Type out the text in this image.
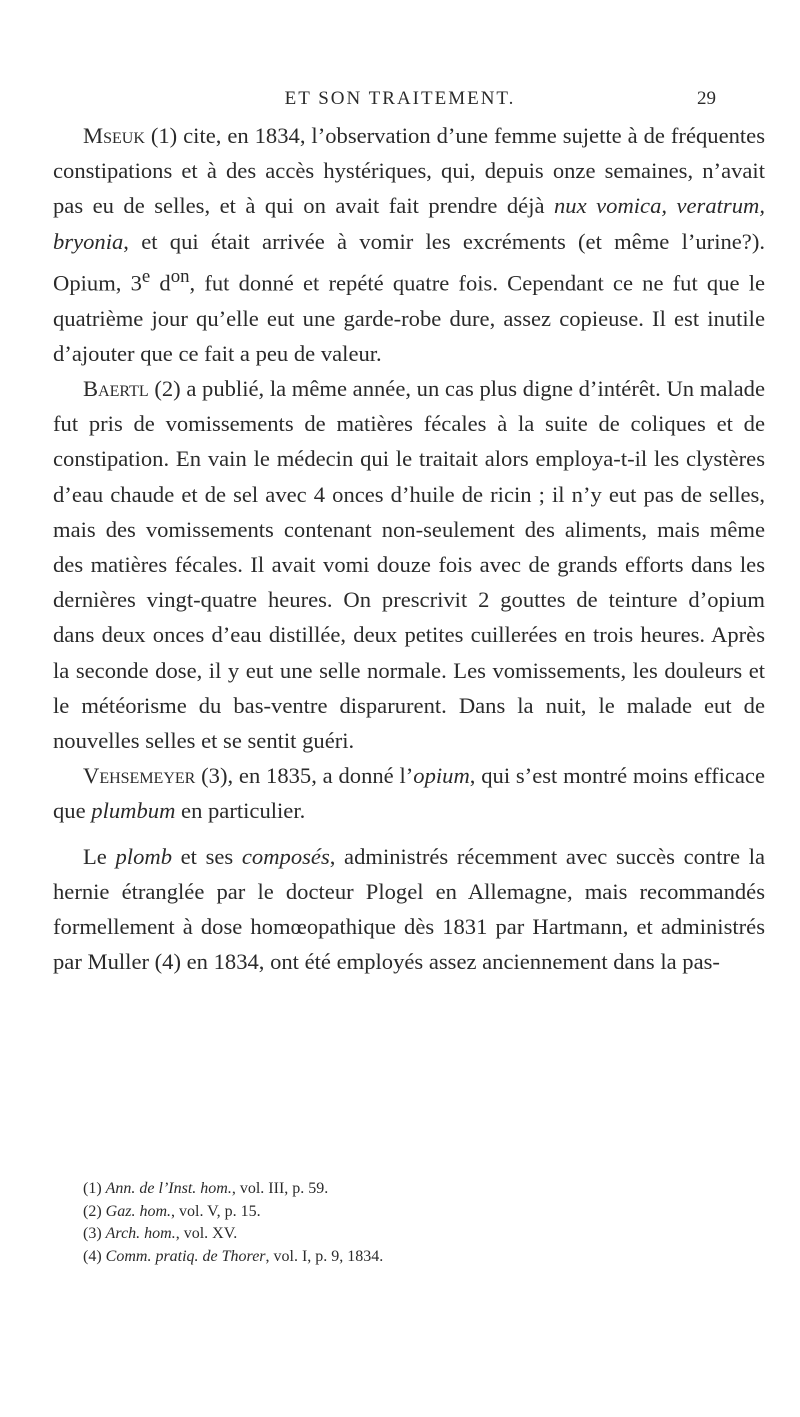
ET SON TRAITEMENT.	29

Mseuk (1) cite, en 1834, l’observation d’une femme sujette à de fréquentes constipations et à des accès hystériques, qui, depuis onze semaines, n’avait pas eu de selles, et à qui on avait fait prendre déjà nux vomica, veratrum, bryonia, et qui était arrivée à vomir les excréments (et même l’urine?). Opium, 3e $d^{on}$, fut donné et repété quatre fois. Cependant ce ne fut que le quatrième jour qu’elle eut une garde-robe dure, assez copieuse. Il est inutile d’ajouter que ce fait a peu de valeur.

Baertl (2) a publié, la même année, un cas plus digne d’intérêt. Un malade fut pris de vomissements de matières fécales à la suite de coliques et de constipation. En vain le médecin qui le traitait alors employa-t-il les clystères d’eau chaude et de sel avec 4 onces d’huile de ricin ; il n’y eut pas de selles, mais des vomissements contenant non-seulement des aliments, mais même des matières fécales. Il avait vomi douze fois avec de grands efforts dans les dernières vingt-quatre heures. On prescrivit 2 gouttes de teinture d’opium dans deux onces d’eau distillée, deux petites cuillerées en trois heures. Après la seconde dose, il y eut une selle normale. Les vomissements, les douleurs et le météorisme du bas-ventre disparurent. Dans la nuit, le malade eut de nouvelles selles et se sentit guéri.

Vehsemeyer (3), en 1835, a donné l’opium, qui s’est montré moins efficace que plumbum en particulier.

Le plomb et ses composés, administrés récemment avec succès contre la hernie étranglée par le docteur Plogel en Allemagne, mais recommandés formellement à dose homœopathique dès 1831 par Hartmann, et administrés par Muller (4) en 1834, ont été employés assez anciennement dans la pas-

(1) Ann. de l’Inst. hom., vol. III, p. 59.
(2) Gaz. hom., vol. V, p. 15.
(3) Arch. hom., vol. XV.
(4) Comm. pratiq. de Thorer, vol. I, p. 9, 1834.
